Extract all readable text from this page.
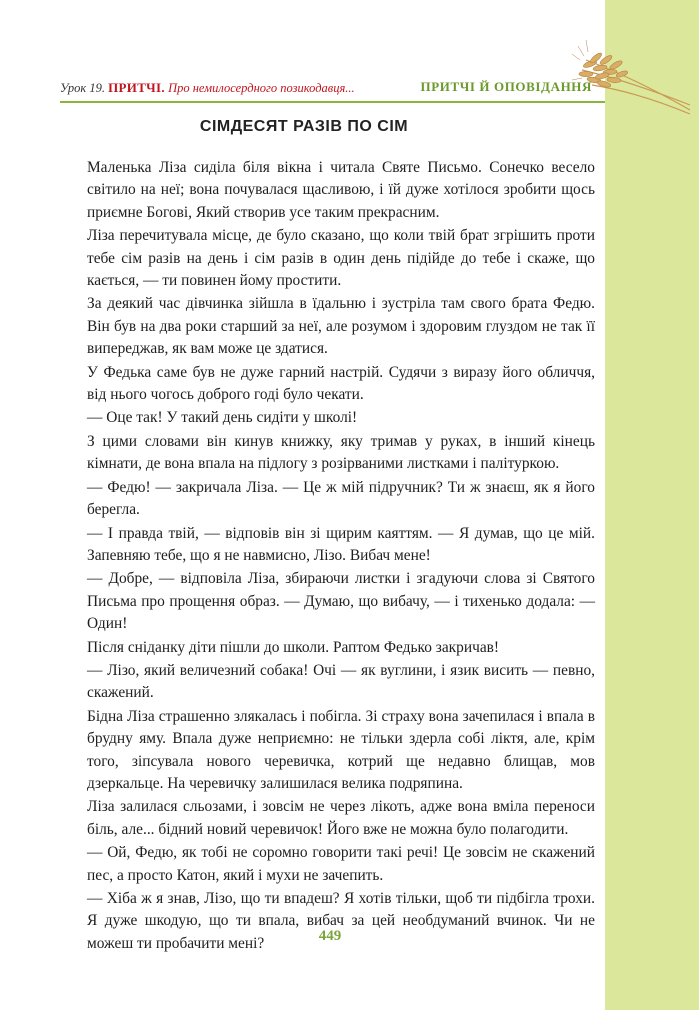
Урок 19. ПРИТЧІ. Про немилосердного позикодавця...	ПРИТЧІ Й ОПОВІДАННЯ
СІМДЕСЯТ РАЗІВ ПО СІМ

Маленька Ліза сиділа біля вікна і читала Святе Письмо. Сонечко весело світило на неї; вона почувалася щасливою, і їй дуже хотілося зробити щось приємне Богові, Який створив усе таким прекрасним.

Ліза перечитувала місце, де було сказано, що коли твій брат згрішить проти тебе сім разів на день і сім разів в один день підійде до тебе і скаже, що кається, — ти повинен йому простити.

За деякий час дівчинка зійшла в їдальню і зустріла там свого брата Федю. Він був на два роки старший за неї, але розумом і здоровим глуздом не так її випереджав, як вам може це здатися.

У Федька саме був не дуже гарний настрій. Судячи з виразу його обличчя, від нього чогось доброго годі було чекати.

— Оце так! У такий день сидіти у школі!

З цими словами він кинув книжку, яку тримав у руках, в інший кінець кімнати, де вона впала на підлогу з розірваними листками і палітуркою.

— Федю! — закричала Ліза. — Це ж мій підручник? Ти ж знаєш, як я його берегла.

— І правда твій, — відповів він зі щирим каяттям. — Я думав, що це мій. Запевняю тебе, що я не навмисно, Лізо. Вибач мене!

— Добре, — відповіла Ліза, збираючи листки і згадуючи слова зі Святого Письма про прощення образ. — Думаю, що вибачу, — і тихенько додала: — Один!

Після сніданку діти пішли до школи. Раптом Федько закричав!

— Лізо, який величезний собака! Очі — як вуглини, і язик висить — певно, скажений.

Бідна Ліза страшенно злякалась і побігла. Зі страху вона зачепилася і впала в брудну яму. Впала дуже неприємно: не тільки здерла собі ліктя, але, крім того, зіпсувала нового черевичка, котрий ще недавно блищав, мов дзеркальце. На черевичку залишилася велика подряпина.

Ліза залилася сльозами, і зовсім не через лікоть, адже вона вміла переноси біль, але... бідний новий черевичок! Його вже не можна було полагодити.

— Ой, Федю, як тобі не соромно говорити такі речі! Це зовсім не скажений пес, а просто Катон, який і мухи не зачепить.

— Хіба ж я знав, Лізо, що ти впадеш? Я хотів тільки, щоб ти підбігла трохи. Я дуже шкодую, що ти впала, вибач за цей необдуманий вчинок. Чи не можеш ти пробачити мені?	449
